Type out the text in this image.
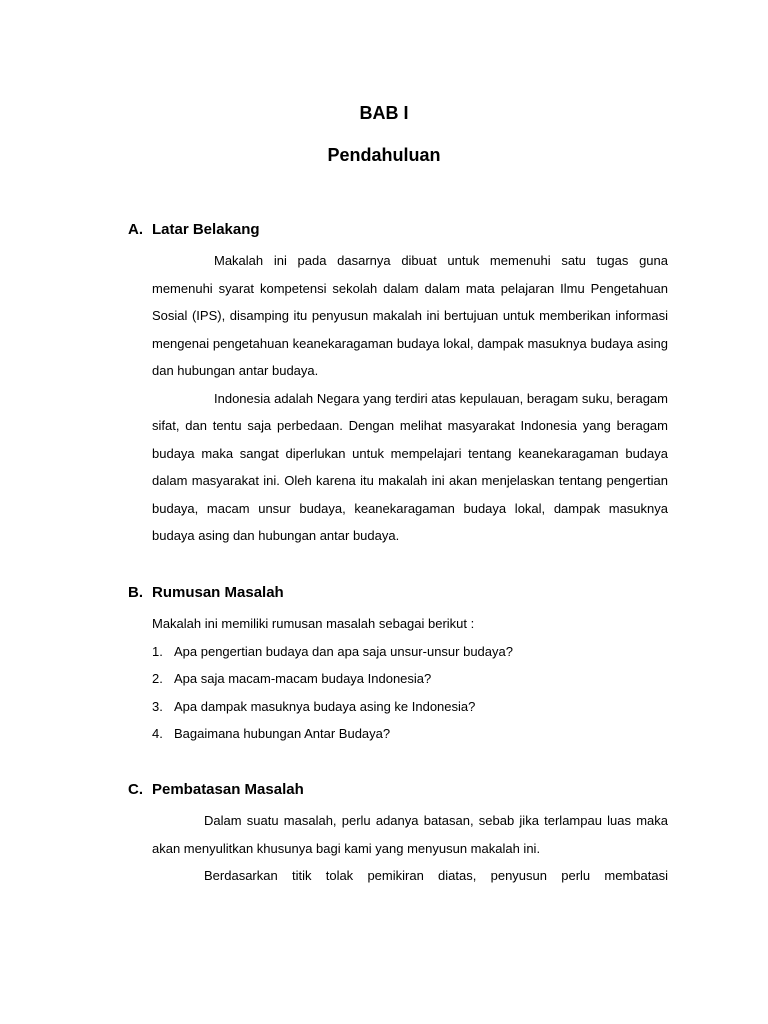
BAB I
Pendahuluan
A. Latar Belakang

Makalah ini pada dasarnya dibuat untuk memenuhi satu tugas guna memenuhi syarat kompetensi sekolah dalam dalam mata pelajaran Ilmu Pengetahuan Sosial (IPS), disamping itu penyusun makalah ini bertujuan untuk memberikan informasi mengenai pengetahuan keanekaragaman budaya lokal, dampak masuknya budaya asing dan hubungan antar budaya.

Indonesia adalah Negara yang terdiri atas kepulauan, beragam suku, beragam sifat, dan tentu saja perbedaan. Dengan melihat masyarakat Indonesia yang beragam budaya maka sangat diperlukan untuk mempelajari tentang keanekaragaman budaya dalam masyarakat ini. Oleh karena itu makalah ini akan menjelaskan tentang pengertian budaya, macam unsur budaya, keanekaragaman budaya lokal, dampak masuknya budaya asing dan hubungan antar budaya.

B. Rumusan Masalah

Makalah ini memiliki rumusan masalah sebagai berikut :

1. Apa pengertian budaya dan apa saja unsur-unsur budaya?
2. Apa saja macam-macam budaya Indonesia?
3. Apa dampak masuknya budaya asing ke Indonesia?
4. Bagaimana hubungan Antar Budaya?
C. Pembatasan Masalah

Dalam suatu masalah, perlu adanya batasan, sebab jika terlampau luas maka akan menyulitkan khusunya bagi kami yang menyusun makalah ini.

Berdasarkan titik tolak pemikiran diatas, penyusun perlu membatasi
